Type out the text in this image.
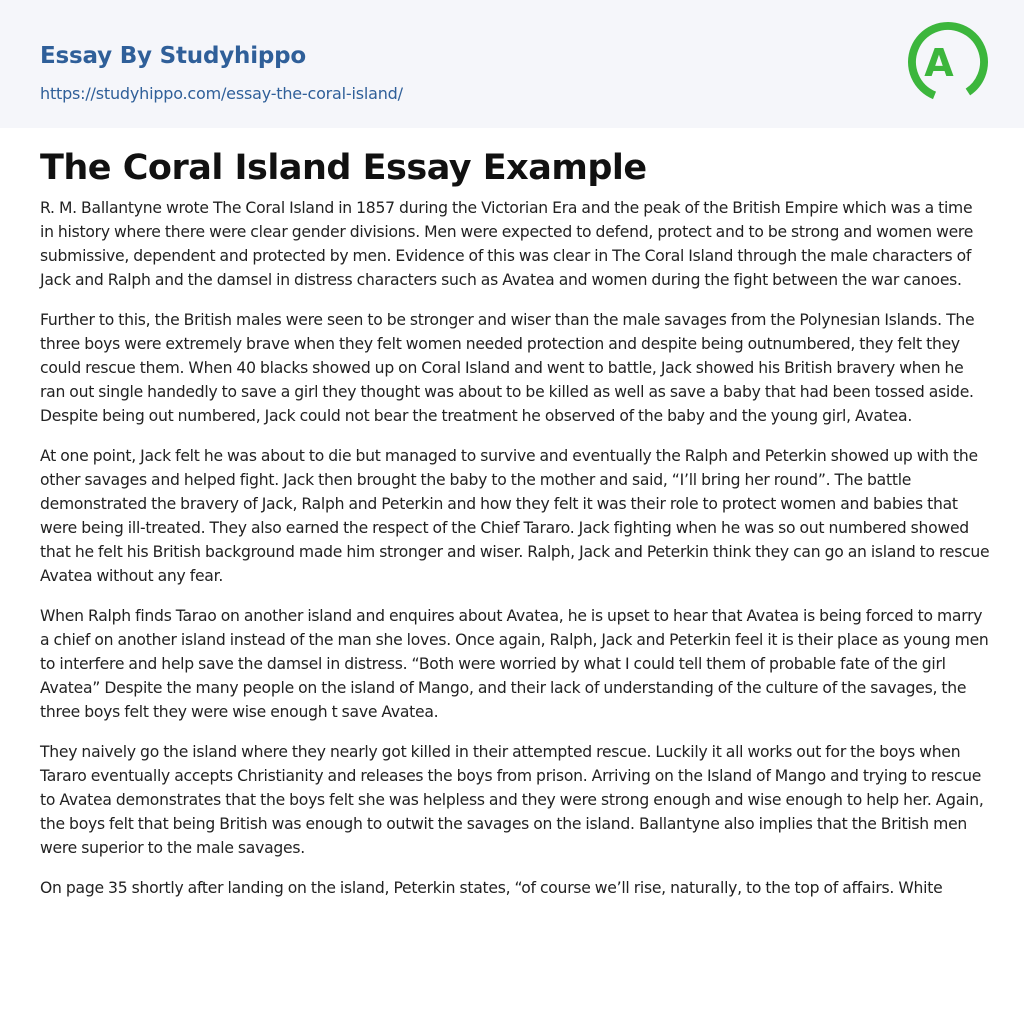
Essay By Studyhippo
https://studyhippo.com/essay-the-coral-island/
A
The Coral Island Essay Example

R. M. Ballantyne wrote The Coral Island in 1857 during the Victorian Era and the peak of the British Empire which was a time in history where there were clear gender divisions. Men were expected to defend, protect and to be strong and women were submissive, dependent and protected by men. Evidence of this was clear in The Coral Island through the male characters of Jack and Ralph and the damsel in distress characters such as Avatea and women during the fight between the war canoes.

Further to this, the British males were seen to be stronger and wiser than the male savages from the Polynesian Islands. The three boys were extremely brave when they felt women needed protection and despite being outnumbered, they felt they could rescue them. When 40 blacks showed up on Coral Island and went to battle, Jack showed his British bravery when he ran out single handedly to save a girl they thought was about to be killed as well as save a baby that had been tossed aside. Despite being out numbered, Jack could not bear the treatment he observed of the baby and the young girl, Avatea.

At one point, Jack felt he was about to die but managed to survive and eventually the Ralph and Peterkin showed up with the other savages and helped fight. Jack then brought the baby to the mother and said, “I’ll bring her round”. The battle demonstrated the bravery of Jack, Ralph and Peterkin and how they felt it was their role to protect women and babies that were being ill-treated. They also earned the respect of the Chief Tararo. Jack fighting when he was so out numbered showed that he felt his British background made him stronger and wiser. Ralph, Jack and Peterkin think they can go an island to rescue Avatea without any fear.

When Ralph finds Tarao on another island and enquires about Avatea, he is upset to hear that Avatea is being forced to marry a chief on another island instead of the man she loves. Once again, Ralph, Jack and Peterkin feel it is their place as young men to interfere and help save the damsel in distress. “Both were worried by what I could tell them of probable fate of the girl Avatea” Despite the many people on the island of Mango, and their lack of understanding of the culture of the savages, the three boys felt they were wise enough t save Avatea.

They naively go the island where they nearly got killed in their attempted rescue. Luckily it all works out for the boys when Tararo eventually accepts Christianity and releases the boys from prison. Arriving on the Island of Mango and trying to rescue to Avatea demonstrates that the boys felt she was helpless and they were strong enough and wise enough to help her. Again, the boys felt that being British was enough to outwit the savages on the island. Ballantyne also implies that the British men were superior to the male savages.

On page 35 shortly after landing on the island, Peterkin states, “of course we’ll rise, naturally, to the top of affairs. White
